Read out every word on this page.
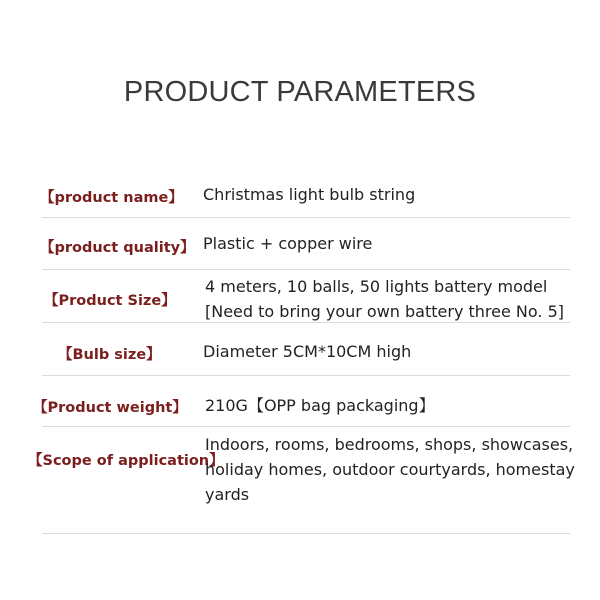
PRODUCT PARAMETERS
【product name】 Christmas light bulb string
【product quality】 Plastic + copper wire
【Product Size】
4 meters, 10 balls, 50 lights battery model
[Need to bring your own battery three No. 5]
【Bulb size】	Diameter 5CM*10CM high
【Product weight】 210G【OPP bag packaging】
【Scope of application】
Indoors, rooms, bedrooms, shops, showcases,
holiday homes, outdoor courtyards, homestay
yards
